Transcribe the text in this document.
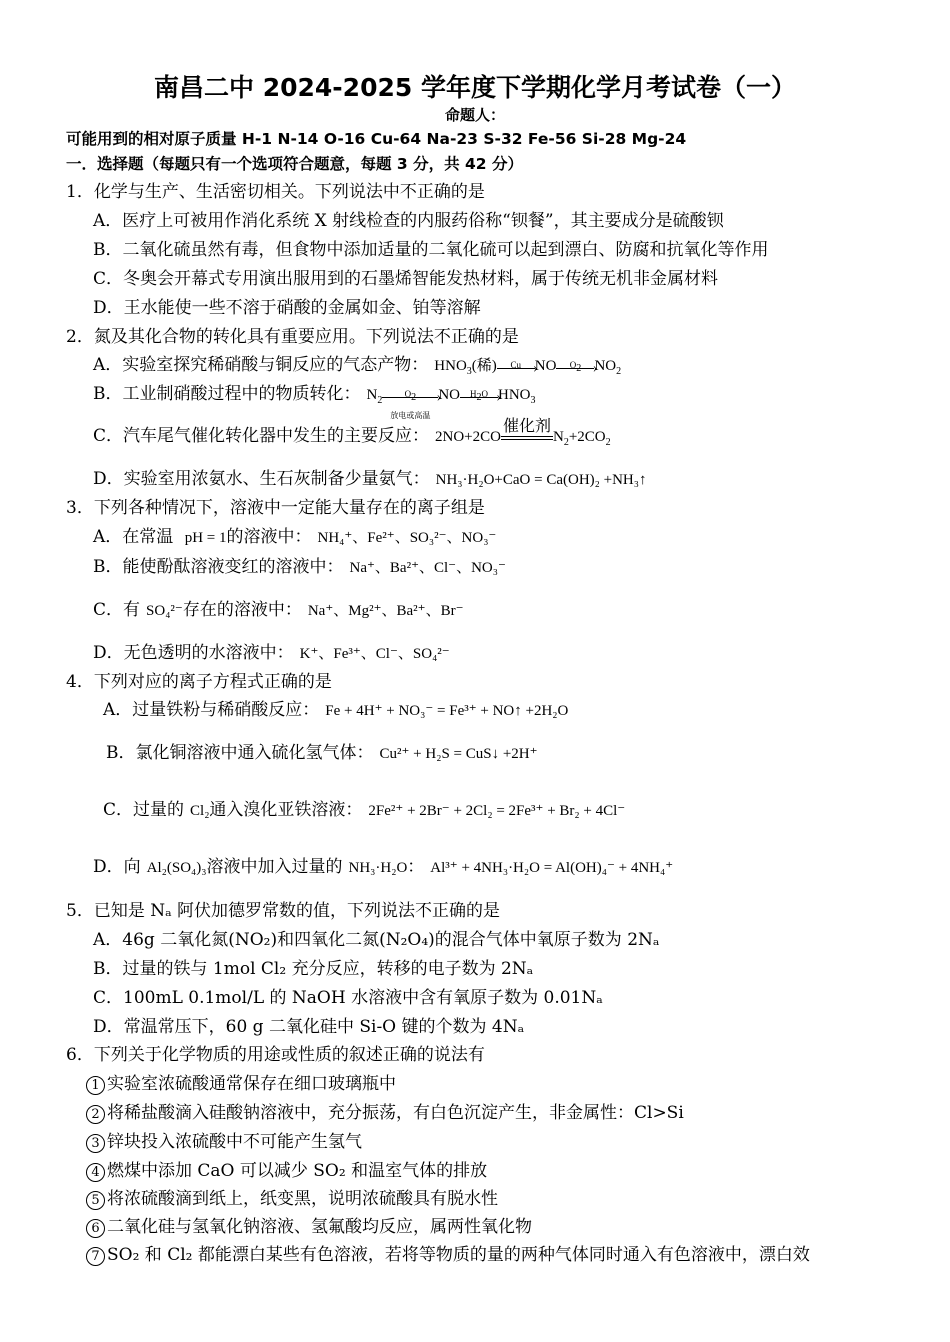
南昌二中 2024-2025 学年度下学期化学月考试卷（一）
命题人：
可能用到的相对原子质量 H-1 N-14 O-16 Cu-64 Na-23 S-32 Fe-56 Si-28 Mg-24
一．选择题（每题只有一个选项符合题意，每题 3 分，共 42 分）
1．化学与生产、生活密切相关。下列说法中不正确的是
A．医疗上可被用作消化系统 X 射线检查的内服药俗称“钡餐”，其主要成分是硫酸钡
B．二氧化硫虽然有毒，但食物中添加适量的二氧化硫可以起到漂白、防腐和抗氧化等作用
C．冬奥会开幕式专用演出服用到的石墨烯智能发热材料，属于传统无机非金属材料
D．王水能使一些不溶于硝酸的金属如金、铂等溶解
2．氮及其化合物的转化具有重要应用。下列说法不正确的是
A．实验室探究稀硝酸与铜反应的气态产物： $HNO_3$(稀)	Cu › NO	$O_2$ › $NO_2$
B．工业制硝酸过程中的物质转化： $N_2$
$O_2$
›
放电或高温
NO	$H_2O$ › $HNO_3$
C．汽车尾气催化转化器中发生的主要反应： 2NO+2CO
催化剂
$N_2+2CO_2$
D．实验室用浓氨水、生石灰制备少量氨气： NH₃·H₂O+CaO = Ca(OH)₂ +NH₃↑
3．下列各种情况下，溶液中一定能大量存在的离子组是
A．在常温 pH = 1的溶液中： NH₄⁺、Fe²⁺、SO₃²⁻、NO₃⁻
B．能使酚酞溶液变红的溶液中： Na⁺、Ba²⁺、Cl⁻、NO₃⁻
C．有 SO₄²⁻存在的溶液中： Na⁺、Mg²⁺、Ba²⁺、Br⁻
D．无色透明的水溶液中： K⁺、Fe³⁺、Cl⁻、SO₄²⁻
4．下列对应的离子方程式正确的是
A．过量铁粉与稀硝酸反应： Fe + 4H⁺ + NO₃⁻ = Fe³⁺ + NO↑ +2H₂O
B．氯化铜溶液中通入硫化氢气体： Cu²⁺ + H₂S = CuS↓ +2H⁺
C．过量的 Cl₂通入溴化亚铁溶液： 2Fe²⁺ + 2Br⁻ + 2Cl₂ = 2Fe³⁺ + Br₂ + 4Cl⁻
D．向 Al₂(SO₄)₃溶液中加入过量的 NH₃·H₂O： Al³⁺ + 4NH₃·H₂O = Al(OH)₄⁻ + 4NH₄⁺
5．已知是 Nₐ 阿伏加德罗常数的值，下列说法不正确的是
A．46g 二氧化氮(NO₂)和四氧化二氮(N₂O₄)的混合气体中氧原子数为 2Nₐ
B．过量的铁与 1mol Cl₂ 充分反应，转移的电子数为 2Nₐ
C．100mL 0.1mol/L 的 NaOH 水溶液中含有氧原子数为 0.01Nₐ
D．常温常压下，60 g 二氧化硅中 Si-O 键的个数为 4Nₐ
6．下列关于化学物质的用途或性质的叙述正确的说法有
1 实验室浓硫酸通常保存在细口玻璃瓶中
2 将稀盐酸滴入硅酸钠溶液中，充分振荡，有白色沉淀产生，非金属性：Cl>Si
3 锌块投入浓硫酸中不可能产生氢气
4 燃煤中添加 CaO 可以减少 SO₂ 和温室气体的排放
5 将浓硫酸滴到纸上，纸变黑，说明浓硫酸具有脱水性
6 二氧化硅与氢氧化钠溶液、氢氟酸均反应，属两性氧化物
7 SO₂ 和 Cl₂ 都能漂白某些有色溶液，若将等物质的量的两种气体同时通入有色溶液中，漂白效
